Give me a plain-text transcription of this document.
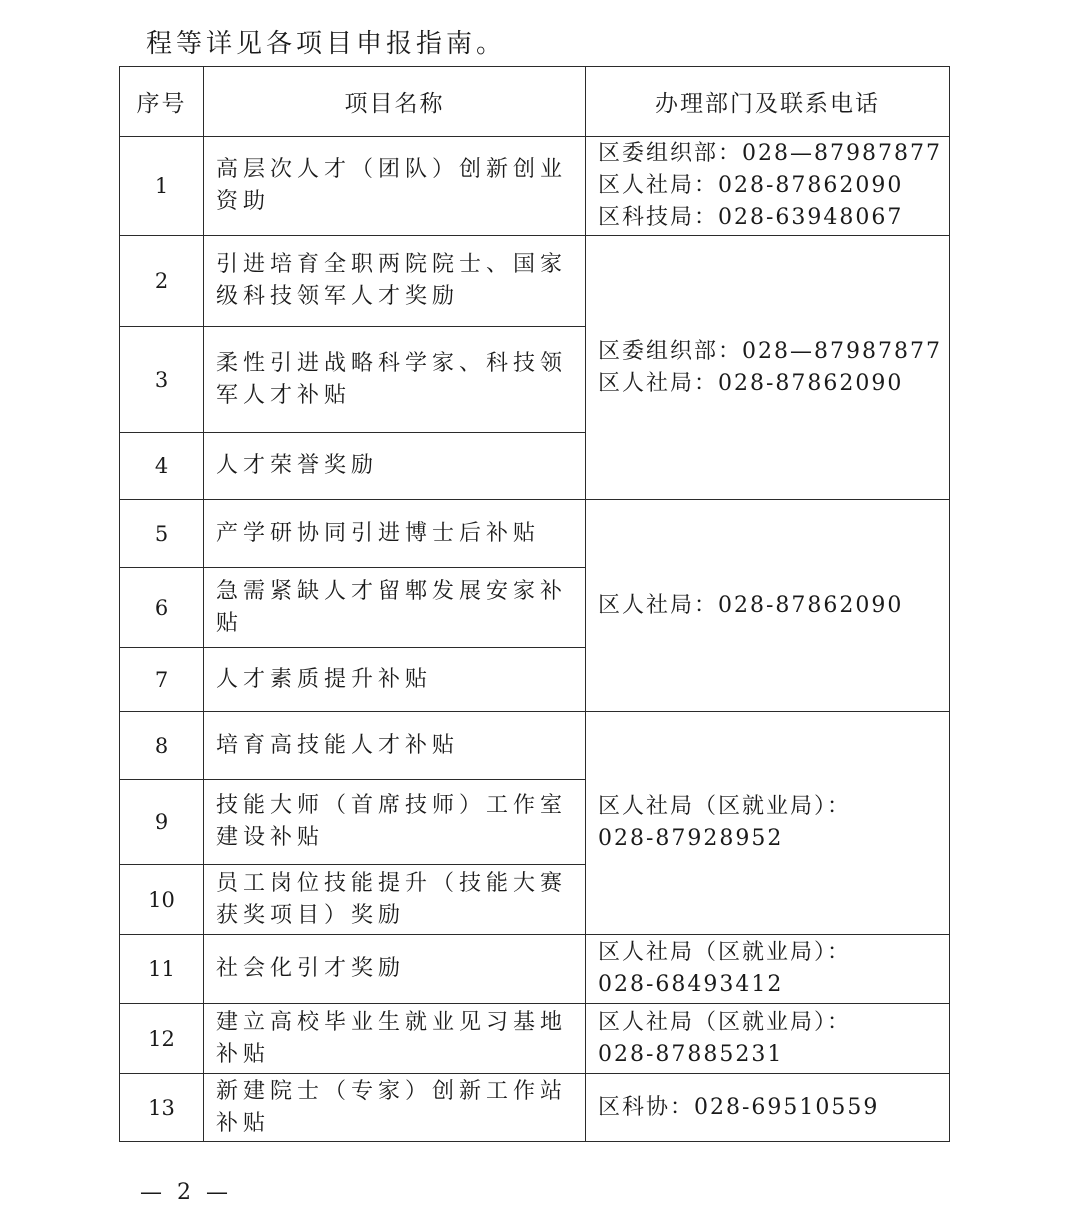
程等详见各项目申报指南。
序号	项目名称	办理部门及联系电话
1	高层次人才（团队）创新创业资助	区委组织部：028—87987877
区人社局：028-87862090
区科技局：028-63948067

2	引进培育全职两院院士、国家级科技领军人才奖励	区委组织部：028—87987877
区人社局：028-87862090

3	柔性引进战略科学家、科技领军人才补贴	
4	人才荣誉奖励	
5	产学研协同引进博士后补贴	区人社局：028-87862090

6	急需紧缺人才留郫发展安家补贴	
7	人才素质提升补贴	
8	培育高技能人才补贴	区人社局（区就业局）：
028-87928952

9	技能大师（首席技师）工作室建设补贴	
10	员工岗位技能提升（技能大赛获奖项目）奖励	
11	社会化引才奖励	区人社局（区就业局）：
028-68493412

12	建立高校毕业生就业见习基地补贴	区人社局（区就业局）：
028-87885231

13	新建院士（专家）创新工作站补贴	区科协：028-69510559
— 2 —
